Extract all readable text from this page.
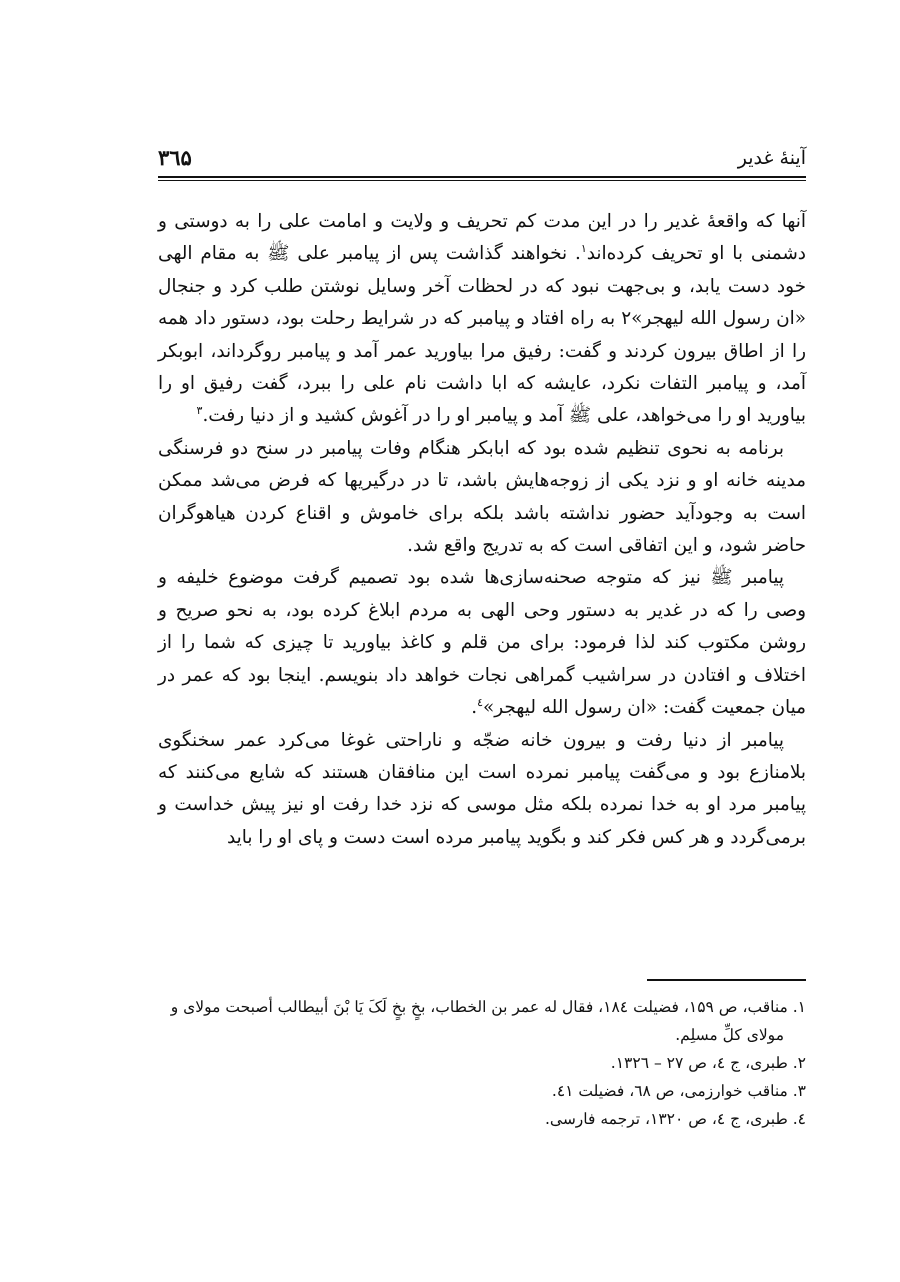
آینهٔ غدیر
۳٦۵

آنها که واقعهٔ غدیر را در این مدت کم تحریف و ولایت و امامت علی را به دوستی و دشمنی با او تحریف کرده‌اند$^۱$. نخواهند گذاشت پس از پیامبر علی ﷺ به مقام الهی خود دست یابد، و بی‌جهت نبود که در لحظات آخر وسایل نوشتن طلب کرد و جنجال «ان رسول الله لیهجر»۲ به راه افتاد و پیامبر که در شرایط رحلت بود، دستور داد همه را از اطاق بیرون کردند و گفت: رفیق مرا بیاورید عمر آمد و پیامبر روگرداند، ابوبکر آمد، و پیامبر التفات نکرد، عایشه که ابا داشت نام علی را ببرد، گفت رفیق او را بیاورید او را می‌خواهد، علی ﷺ آمد و پیامبر او را در آغوش کشید و از دنیا رفت.$^۳$

برنامه به نحوی تنظیم شده بود که ابابکر هنگام وفات پیامبر در سنح دو فرسنگی مدینه خانه او و نزد یکی از زوجه‌هایش باشد، تا در درگیریها که فرض می‌شد ممکن است به وجودآید حضور نداشته باشد بلکه برای خاموش و اقناع کردن هیاهوگران حاضر شود، و این اتفاقی است که به تدریج واقع شد.

پیامبر ﷺ نیز که متوجه صحنه‌سازی‌ها شده بود تصمیم گرفت موضوع خلیفه و وصی را که در غدیر به دستور وحی الهی به مردم ابلاغ کرده بود، به نحو صریح و روشن مکتوب کند لذا فرمود: برای من قلم و کاغذ بیاورید تا چیزی که شما را از اختلاف و افتادن در سراشیب گمراهی نجات خواهد داد بنویسم. اینجا بود که عمر در میان جمعیت گفت: «ان رسول الله لیهجر»$^٤$.

پیامبر از دنیا رفت و بیرون خانه ضجّه و ناراحتی غوغا می‌کرد عمر سخنگوی بلامنازع بود و می‌گفت پیامبر نمرده است این منافقان هستند که شایع می‌کنند که پیامبر مرد او به خدا نمرده بلکه مثل موسی که نزد خدا رفت او نیز پیش خداست و برمی‌گردد و هر کس فکر کند و بگوید پیامبر مرده است دست و پای او را باید

۱. مناقب، ص ۱۵۹، فضیلت ۱۸٤، فقال له عمر بن الخطاب، بخٍ بخٍ لَکَ یَا بْنَ أبیطالب أصبحت مولای و

مولای کلِّ مسلِم.

۲. طبری، ج ٤، ص ۲۷ – ۱۳۲٦.

۳. مناقب خوارزمی، ص ٦۸، فضیلت ٤۱.

٤. طبری، ج ٤، ص ۱۳۲۰، ترجمه فارسی.
